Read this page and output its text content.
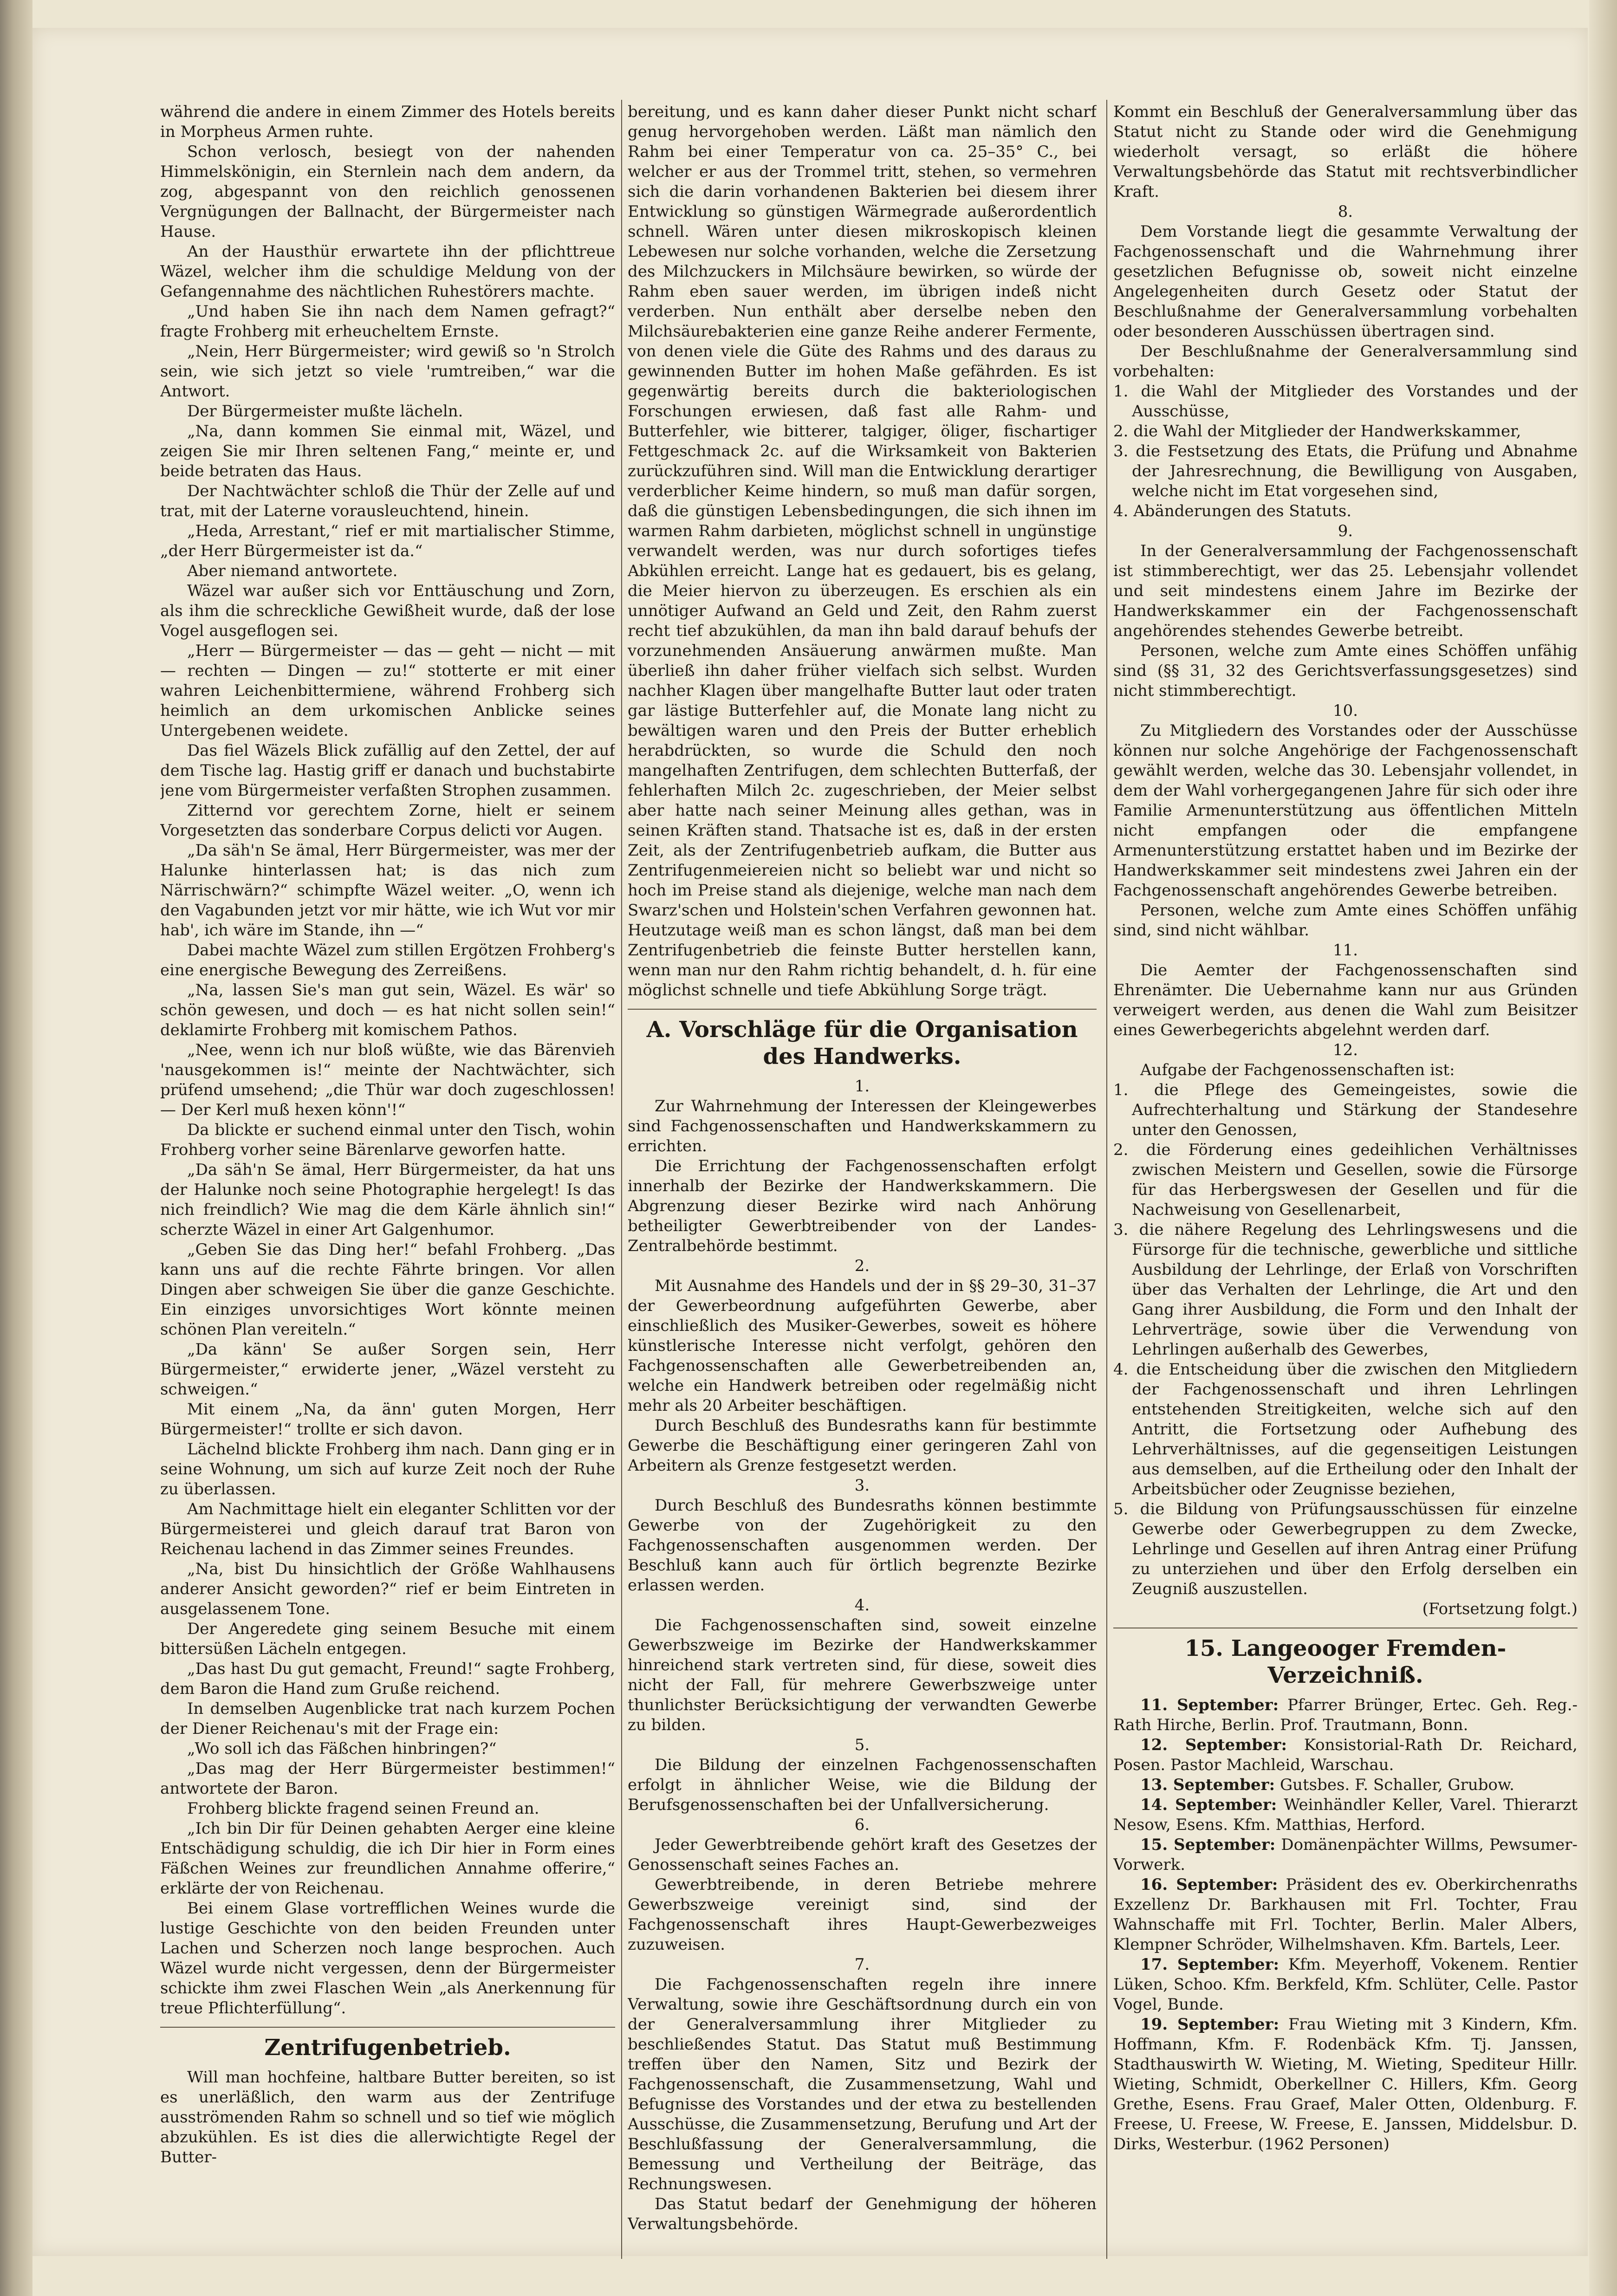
während die andere in einem Zimmer des Hotels bereits in Morpheus Armen ruhte.

Schon verlosch, besiegt von der nahenden Himmelskönigin, ein Sternlein nach dem andern, da zog, abgespannt von den reichlich genossenen Vergnügungen der Ballnacht, der Bürgermeister nach Hause.

An der Hausthür erwartete ihn der pflichttreue Wäzel, welcher ihm die schuldige Meldung von der Gefangennahme des nächtlichen Ruhestörers machte.

„Und haben Sie ihn nach dem Namen gefragt?“ fragte Frohberg mit erheucheltem Ernste.

„Nein, Herr Bürgermeister; wird gewiß so 'n Strolch sein, wie sich jetzt so viele 'rumtreiben,“ war die Antwort.

Der Bürgermeister mußte lächeln.

„Na, dann kommen Sie einmal mit, Wäzel, und zeigen Sie mir Ihren seltenen Fang,“ meinte er, und beide betraten das Haus.

Der Nachtwächter schloß die Thür der Zelle auf und trat, mit der Laterne vorausleuchtend, hinein.

„Heda, Arrestant,“ rief er mit martialischer Stimme, „der Herr Bürgermeister ist da.“

Aber niemand antwortete.

Wäzel war außer sich vor Enttäuschung und Zorn, als ihm die schreckliche Gewißheit wurde, daß der lose Vogel ausgeflogen sei.

„Herr — Bürgermeister — das — geht — nicht — mit — rechten — Dingen — zu!“ stotterte er mit einer wahren Leichenbittermiene, während Frohberg sich heimlich an dem urkomischen Anblicke seines Untergebenen weidete.

Das fiel Wäzels Blick zufällig auf den Zettel, der auf dem Tische lag. Hastig griff er danach und buchstabirte jene vom Bürgermeister verfaßten Strophen zusammen.

Zitternd vor gerechtem Zorne, hielt er seinem Vorgesetzten das sonderbare Corpus delicti vor Augen.

„Da säh'n Se ämal, Herr Bürgermeister, was mer der Halunke hinterlassen hat; is das nich zum Närrischwärn?“ schimpfte Wäzel weiter. „O, wenn ich den Vagabunden jetzt vor mir hätte, wie ich Wut vor mir hab', ich wäre im Stande, ihn —“

Dabei machte Wäzel zum stillen Ergötzen Frohberg's eine energische Bewegung des Zerreißens.

„Na, lassen Sie's man gut sein, Wäzel. Es wär' so schön gewesen, und doch — es hat nicht sollen sein!“ deklamirte Frohberg mit komischem Pathos.

„Nee, wenn ich nur bloß wüßte, wie das Bärenvieh 'nausgekommen is!“ meinte der Nachtwächter, sich prüfend umsehend; „die Thür war doch zugeschlossen! — Der Kerl muß hexen könn'!“

Da blickte er suchend einmal unter den Tisch, wohin Frohberg vorher seine Bärenlarve geworfen hatte.

„Da säh'n Se ämal, Herr Bürgermeister, da hat uns der Halunke noch seine Photographie hergelegt! Is das nich freindlich? Wie mag die dem Kärle ähnlich sin!“ scherzte Wäzel in einer Art Galgenhumor.

„Geben Sie das Ding her!“ befahl Frohberg. „Das kann uns auf die rechte Fährte bringen. Vor allen Dingen aber schweigen Sie über die ganze Geschichte. Ein einziges unvorsichtiges Wort könnte meinen schönen Plan vereiteln.“

„Da känn' Se außer Sorgen sein, Herr Bürgermeister,“ erwiderte jener, „Wäzel versteht zu schweigen.“

Mit einem „Na, da änn' guten Morgen, Herr Bürgermeister!“ trollte er sich davon.

Lächelnd blickte Frohberg ihm nach. Dann ging er in seine Wohnung, um sich auf kurze Zeit noch der Ruhe zu überlassen.

Am Nachmittage hielt ein eleganter Schlitten vor der Bürgermeisterei und gleich darauf trat Baron von Reichenau lachend in das Zimmer seines Freundes.

„Na, bist Du hinsichtlich der Größe Wahlhausens anderer Ansicht geworden?“ rief er beim Eintreten in ausgelassenem Tone.

Der Angeredete ging seinem Besuche mit einem bittersüßen Lächeln entgegen.

„Das hast Du gut gemacht, Freund!“ sagte Frohberg, dem Baron die Hand zum Gruße reichend.

In demselben Augenblicke trat nach kurzem Pochen der Diener Reichenau's mit der Frage ein:

„Wo soll ich das Fäßchen hinbringen?“

„Das mag der Herr Bürgermeister bestimmen!“ antwortete der Baron.

Frohberg blickte fragend seinen Freund an.

„Ich bin Dir für Deinen gehabten Aerger eine kleine Entschädigung schuldig, die ich Dir hier in Form eines Fäßchen Weines zur freundlichen Annahme offerire,“ erklärte der von Reichenau.

Bei einem Glase vortrefflichen Weines wurde die lustige Geschichte von den beiden Freunden unter Lachen und Scherzen noch lange besprochen. Auch Wäzel wurde nicht vergessen, denn der Bürgermeister schickte ihm zwei Flaschen Wein „als Anerkennung für treue Pflichterfüllung“.

Zentrifugenbetrieb.

Will man hochfeine, haltbare Butter bereiten, so ist es unerläßlich, den warm aus der Zentrifuge ausströmenden Rahm so schnell und so tief wie möglich abzukühlen. Es ist dies die allerwichtigte Regel der Butter-

bereitung, und es kann daher dieser Punkt nicht scharf genug hervorgehoben werden. Läßt man nämlich den Rahm bei einer Temperatur von ca. 25–35° C., bei welcher er aus der Trommel tritt, stehen, so vermehren sich die darin vorhandenen Bakterien bei diesem ihrer Entwicklung so günstigen Wärmegrade außerordentlich schnell. Wären unter diesen mikroskopisch kleinen Lebewesen nur solche vorhanden, welche die Zersetzung des Milchzuckers in Milchsäure bewirken, so würde der Rahm eben sauer werden, im übrigen indeß nicht verderben. Nun enthält aber derselbe neben den Milchsäurebakterien eine ganze Reihe anderer Fermente, von denen viele die Güte des Rahms und des daraus zu gewinnenden Butter im hohen Maße gefährden. Es ist gegenwärtig bereits durch die bakteriologischen Forschungen erwiesen, daß fast alle Rahm- und Butterfehler, wie bitterer, talgiger, öliger, fischartiger Fettgeschmack 2c. auf die Wirksamkeit von Bakterien zurückzuführen sind. Will man die Entwicklung derartiger verderblicher Keime hindern, so muß man dafür sorgen, daß die günstigen Lebensbedingungen, die sich ihnen im warmen Rahm darbieten, möglichst schnell in ungünstige verwandelt werden, was nur durch sofortiges tiefes Abkühlen erreicht. Lange hat es gedauert, bis es gelang, die Meier hiervon zu überzeugen. Es erschien als ein unnötiger Aufwand an Geld und Zeit, den Rahm zuerst recht tief abzukühlen, da man ihn bald darauf behufs der vorzunehmenden Ansäuerung anwärmen mußte. Man überließ ihn daher früher vielfach sich selbst. Wurden nachher Klagen über mangelhafte Butter laut oder traten gar lästige Butterfehler auf, die Monate lang nicht zu bewältigen waren und den Preis der Butter erheblich herabdrückten, so wurde die Schuld den noch mangelhaften Zentrifugen, dem schlechten Butterfaß, der fehlerhaften Milch 2c. zugeschrieben, der Meier selbst aber hatte nach seiner Meinung alles gethan, was in seinen Kräften stand. Thatsache ist es, daß in der ersten Zeit, als der Zentrifugenbetrieb aufkam, die Butter aus Zentrifugenmeiereien nicht so beliebt war und nicht so hoch im Preise stand als diejenige, welche man nach dem Swarz'schen und Holstein'schen Verfahren gewonnen hat. Heutzutage weiß man es schon längst, daß man bei dem Zentrifugenbetrieb die feinste Butter herstellen kann, wenn man nur den Rahm richtig behandelt, d. h. für eine möglichst schnelle und tiefe Abkühlung Sorge trägt.

A. Vorschläge für die Organisation des Handwerks.

1.

Zur Wahrnehmung der Interessen der Kleingewerbes sind Fachgenossenschaften und Handwerkskammern zu errichten.

Die Errichtung der Fachgenossenschaften erfolgt innerhalb der Bezirke der Handwerkskammern. Die Abgrenzung dieser Bezirke wird nach Anhörung betheiligter Gewerbtreibender von der Landes-Zentralbehörde bestimmt.

2.

Mit Ausnahme des Handels und der in §§ 29–30, 31–37 der Gewerbeordnung aufgeführten Gewerbe, aber einschließlich des Musiker-Gewerbes, soweit es höhere künstlerische Interesse nicht verfolgt, gehören den Fachgenossenschaften alle Gewerbetreibenden an, welche ein Handwerk betreiben oder regelmäßig nicht mehr als 20 Arbeiter beschäftigen.

Durch Beschluß des Bundesraths kann für bestimmte Gewerbe die Beschäftigung einer geringeren Zahl von Arbeitern als Grenze festgesetzt werden.

3.

Durch Beschluß des Bundesraths können bestimmte Gewerbe von der Zugehörigkeit zu den Fachgenossenschaften ausgenommen werden. Der Beschluß kann auch für örtlich begrenzte Bezirke erlassen werden.

4.

Die Fachgenossenschaften sind, soweit einzelne Gewerbszweige im Bezirke der Handwerkskammer hinreichend stark vertreten sind, für diese, soweit dies nicht der Fall, für mehrere Gewerbszweige unter thunlichster Berücksichtigung der verwandten Gewerbe zu bilden.

5.

Die Bildung der einzelnen Fachgenossenschaften erfolgt in ähnlicher Weise, wie die Bildung der Berufsgenossenschaften bei der Unfallversicherung.

6.

Jeder Gewerbtreibende gehört kraft des Gesetzes der Genossenschaft seines Faches an.

Gewerbtreibende, in deren Betriebe mehrere Gewerbszweige vereinigt sind, sind der Fachgenossenschaft ihres Haupt-Gewerbezweiges zuzuweisen.

7.

Die Fachgenossenschaften regeln ihre innere Verwaltung, sowie ihre Geschäftsordnung durch ein von der Generalversammlung ihrer Mitglieder zu beschließendes Statut. Das Statut muß Bestimmung treffen über den Namen, Sitz und Bezirk der Fachgenossenschaft, die Zusammensetzung, Wahl und Befugnisse des Vorstandes und der etwa zu bestellenden Ausschüsse, die Zusammensetzung, Berufung und Art der Beschlußfassung der Generalversammlung, die Bemessung und Vertheilung der Beiträge, das Rechnungswesen.

Das Statut bedarf der Genehmigung der höheren Verwaltungsbehörde.

Kommt ein Beschluß der Generalversammlung über das Statut nicht zu Stande oder wird die Genehmigung wiederholt versagt, so erläßt die höhere Verwaltungsbehörde das Statut mit rechtsverbindlicher Kraft.

8.

Dem Vorstande liegt die gesammte Verwaltung der Fachgenossenschaft und die Wahrnehmung ihrer gesetzlichen Befugnisse ob, soweit nicht einzelne Angelegenheiten durch Gesetz oder Statut der Beschlußnahme der Generalversammlung vorbehalten oder besonderen Ausschüssen übertragen sind.

Der Beschlußnahme der Generalversammlung sind vorbehalten:

1. die Wahl der Mitglieder des Vorstandes und der Ausschüsse,

2. die Wahl der Mitglieder der Handwerkskammer,

3. die Festsetzung des Etats, die Prüfung und Abnahme der Jahresrechnung, die Bewilligung von Ausgaben, welche nicht im Etat vorgesehen sind,

4. Abänderungen des Statuts.

9.

In der Generalversammlung der Fachgenossenschaft ist stimmberechtigt, wer das 25. Lebensjahr vollendet und seit mindestens einem Jahre im Bezirke der Handwerkskammer ein der Fachgenossenschaft angehörendes stehendes Gewerbe betreibt.

Personen, welche zum Amte eines Schöffen unfähig sind (§§ 31, 32 des Gerichtsverfassungsgesetzes) sind nicht stimmberechtigt.

10.

Zu Mitgliedern des Vorstandes oder der Ausschüsse können nur solche Angehörige der Fachgenossenschaft gewählt werden, welche das 30. Lebensjahr vollendet, in dem der Wahl vorhergegangenen Jahre für sich oder ihre Familie Armenunterstützung aus öffentlichen Mitteln nicht empfangen oder die empfangene Armenunterstützung erstattet haben und im Bezirke der Handwerkskammer seit mindestens zwei Jahren ein der Fachgenossenschaft angehörendes Gewerbe betreiben.

Personen, welche zum Amte eines Schöffen unfähig sind, sind nicht wählbar.

11.

Die Aemter der Fachgenossenschaften sind Ehrenämter. Die Uebernahme kann nur aus Gründen verweigert werden, aus denen die Wahl zum Beisitzer eines Gewerbegerichts abgelehnt werden darf.

12.

Aufgabe der Fachgenossenschaften ist:

1. die Pflege des Gemeingeistes, sowie die Aufrechterhaltung und Stärkung der Standesehre unter den Genossen,

2. die Förderung eines gedeihlichen Verhältnisses zwischen Meistern und Gesellen, sowie die Fürsorge für das Herbergswesen der Gesellen und für die Nachweisung von Gesellenarbeit,

3. die nähere Regelung des Lehrlingswesens und die Fürsorge für die technische, gewerbliche und sittliche Ausbildung der Lehrlinge, der Erlaß von Vorschriften über das Verhalten der Lehrlinge, die Art und den Gang ihrer Ausbildung, die Form und den Inhalt der Lehrverträge, sowie über die Verwendung von Lehrlingen außerhalb des Gewerbes,

4. die Entscheidung über die zwischen den Mitgliedern der Fachgenossenschaft und ihren Lehrlingen entstehenden Streitigkeiten, welche sich auf den Antritt, die Fortsetzung oder Aufhebung des Lehrverhältnisses, auf die gegenseitigen Leistungen aus demselben, auf die Ertheilung oder den Inhalt der Arbeitsbücher oder Zeugnisse beziehen,

5. die Bildung von Prüfungsausschüssen für einzelne Gewerbe oder Gewerbegruppen zu dem Zwecke, Lehrlinge und Gesellen auf ihren Antrag einer Prüfung zu unterziehen und über den Erfolg derselben ein Zeugniß auszustellen.

(Fortsetzung folgt.)

15. Langeooger Fremden-Verzeichniß.

11. September: Pfarrer Brünger, Ertec. Geh. Reg.-Rath Hirche, Berlin. Prof. Trautmann, Bonn.

12. September: Konsistorial-Rath Dr. Reichard, Posen. Pastor Machleid, Warschau.

13. September: Gutsbes. F. Schaller, Grubow.

14. September: Weinhändler Keller, Varel. Thierarzt Nesow, Esens. Kfm. Matthias, Herford.

15. September: Domänenpächter Willms, Pewsumer-Vorwerk.

16. September: Präsident des ev. Oberkirchenraths Exzellenz Dr. Barkhausen mit Frl. Tochter, Frau Wahnschaffe mit Frl. Tochter, Berlin. Maler Albers, Klempner Schröder, Wilhelmshaven. Kfm. Bartels, Leer.

17. September: Kfm. Meyerhoff, Vokenem. Rentier Lüken, Schoo. Kfm. Berkfeld, Kfm. Schlüter, Celle. Pastor Vogel, Bunde.

19. September: Frau Wieting mit 3 Kindern, Kfm. Hoffmann, Kfm. F. Rodenbäck Kfm. Tj. Janssen, Stadthauswirth W. Wieting, M. Wieting, Spediteur Hillr. Wieting, Schmidt, Oberkellner C. Hillers, Kfm. Georg Grethe, Esens. Frau Graef, Maler Otten, Oldenburg. F. Freese, U. Freese, W. Freese, E. Janssen, Middelsbur. D. Dirks, Westerbur. (1962 Personen)
